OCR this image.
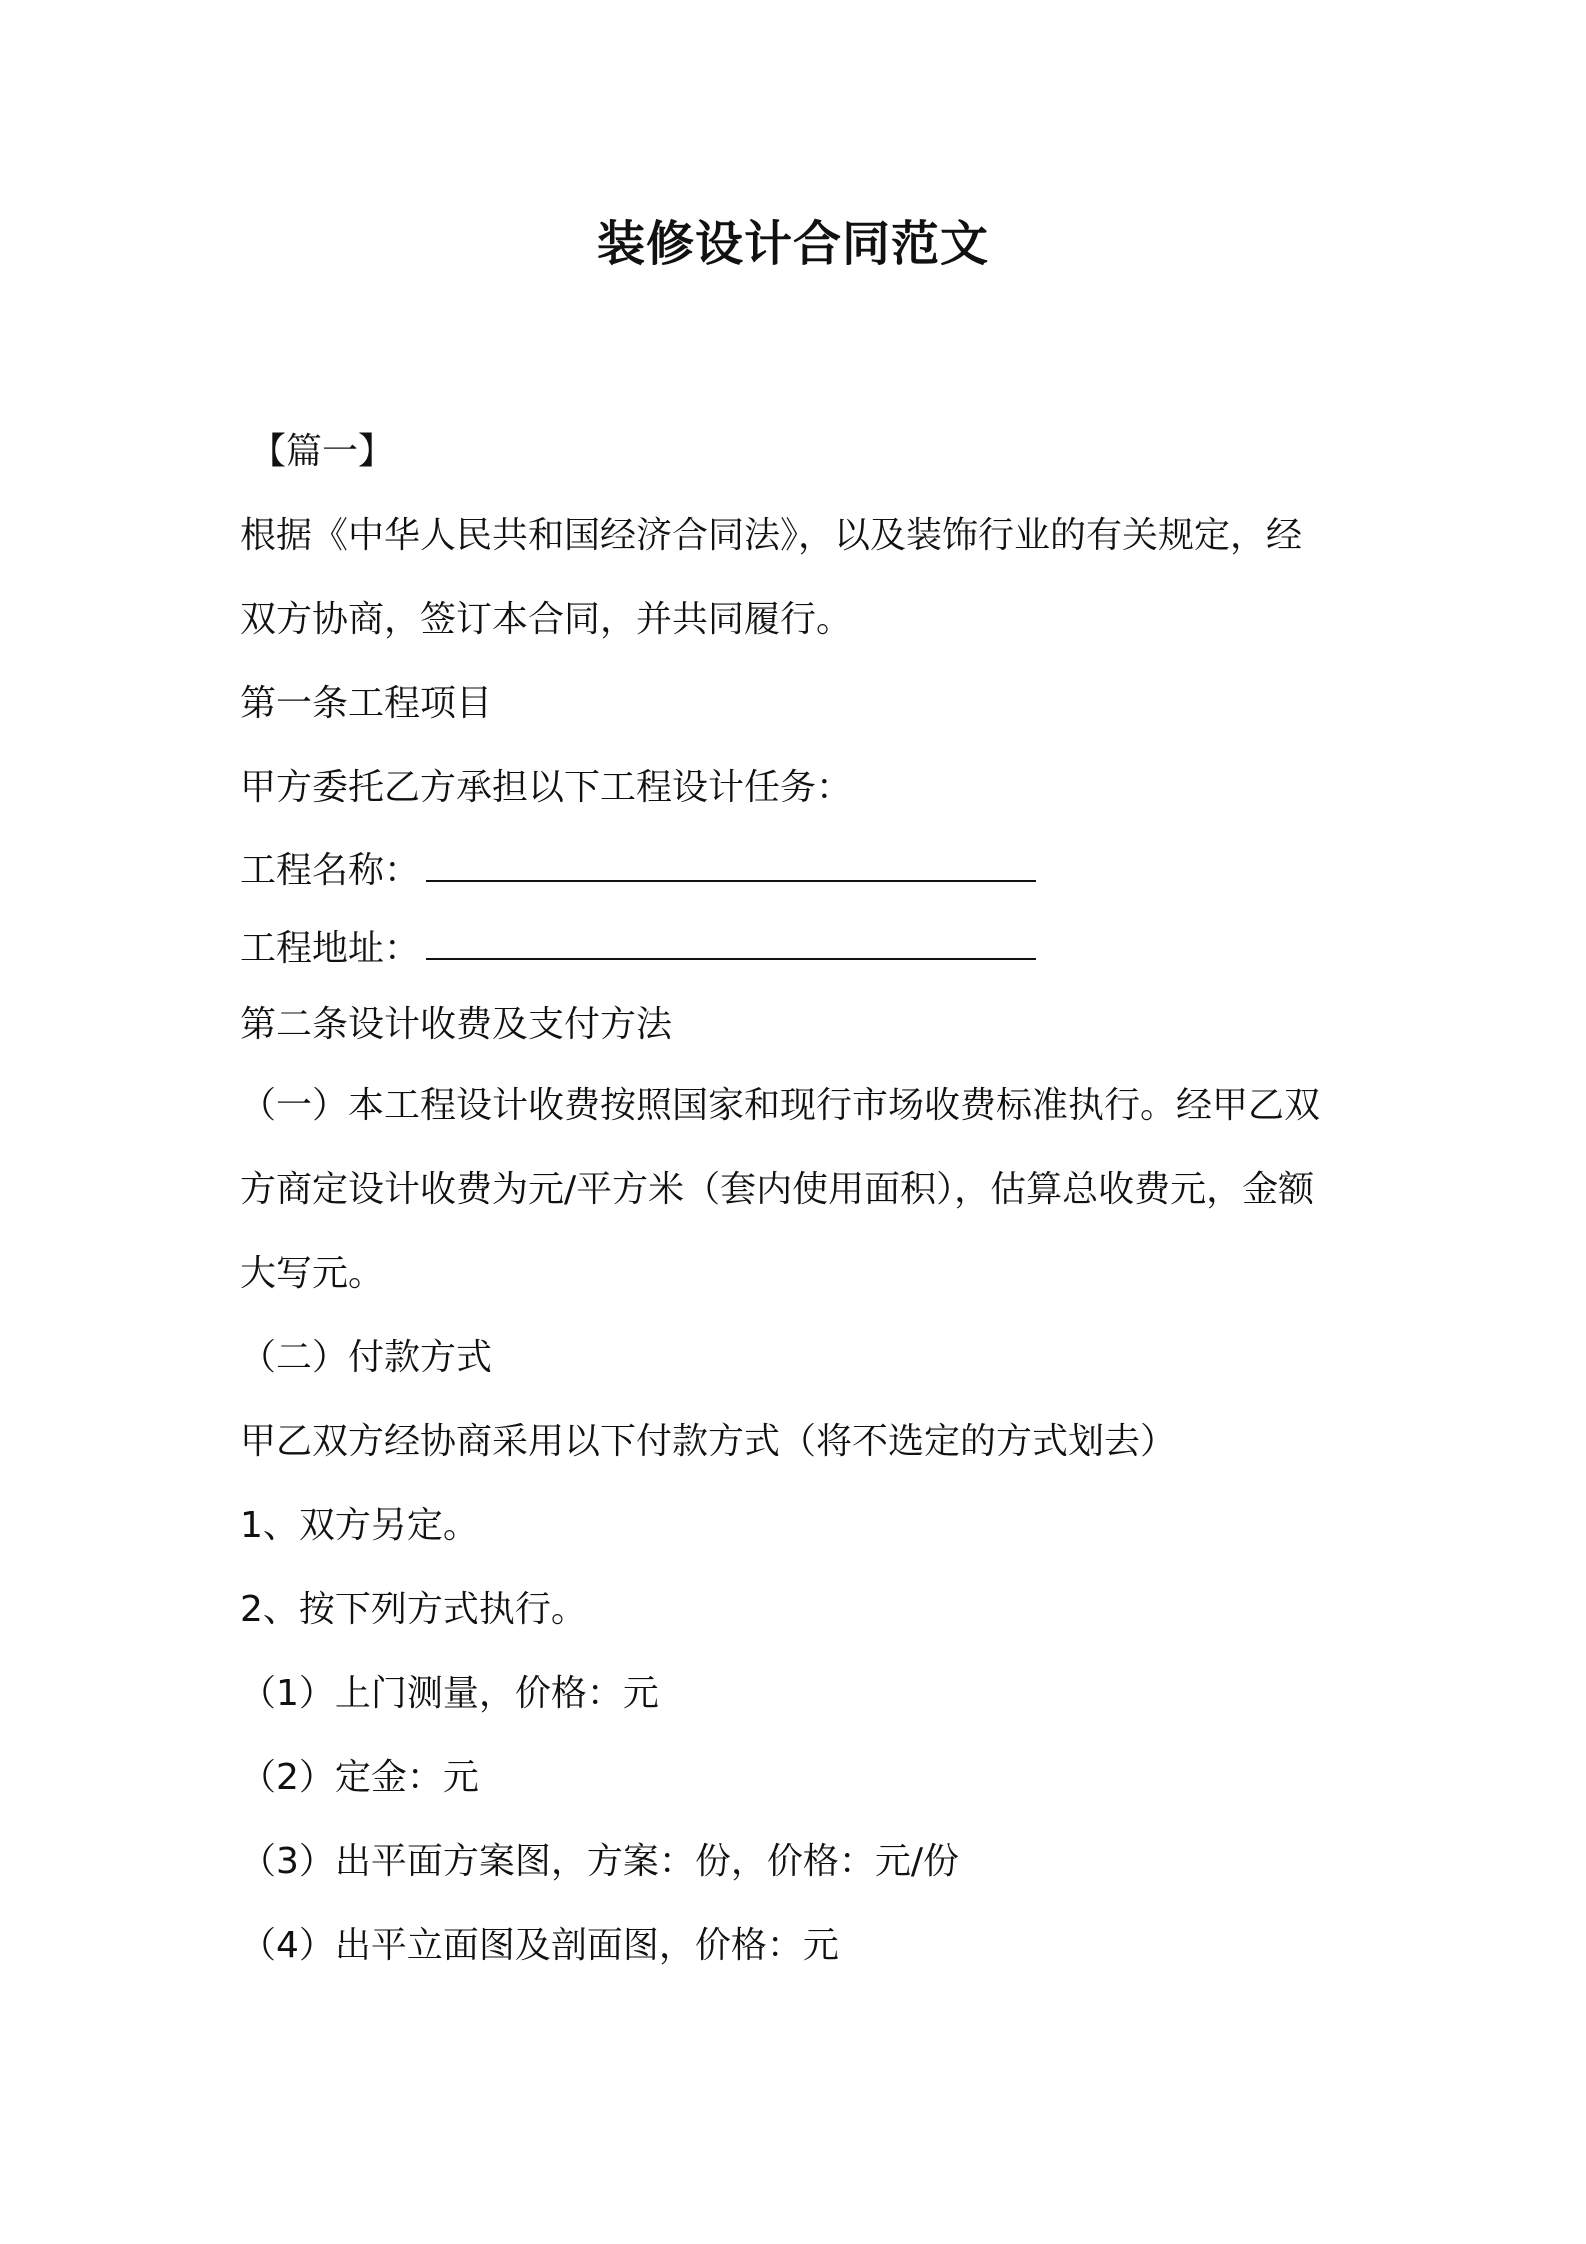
装修设计合同范文
【篇一】
根据《中华人民共和国经济合同法》，以及装饰行业的有关规定，经
双方协商，签订本合同，并共同履行。
第一条工程项目
甲方委托乙方承担以下工程设计任务：
工程名称：
工程地址：
第二条设计收费及支付方法
（一）本工程设计收费按照国家和现行市场收费标准执行。经甲乙双
方商定设计收费为元/平方米（套内使用面积），估算总收费元，金额
大写元。
（二）付款方式
甲乙双方经协商采用以下付款方式（将不选定的方式划去）
1、双方另定。
2、按下列方式执行。
（1）上门测量，价格：元
（2）定金：元
（3）出平面方案图，方案：份，价格：元/份
（4）出平立面图及剖面图，价格：元
